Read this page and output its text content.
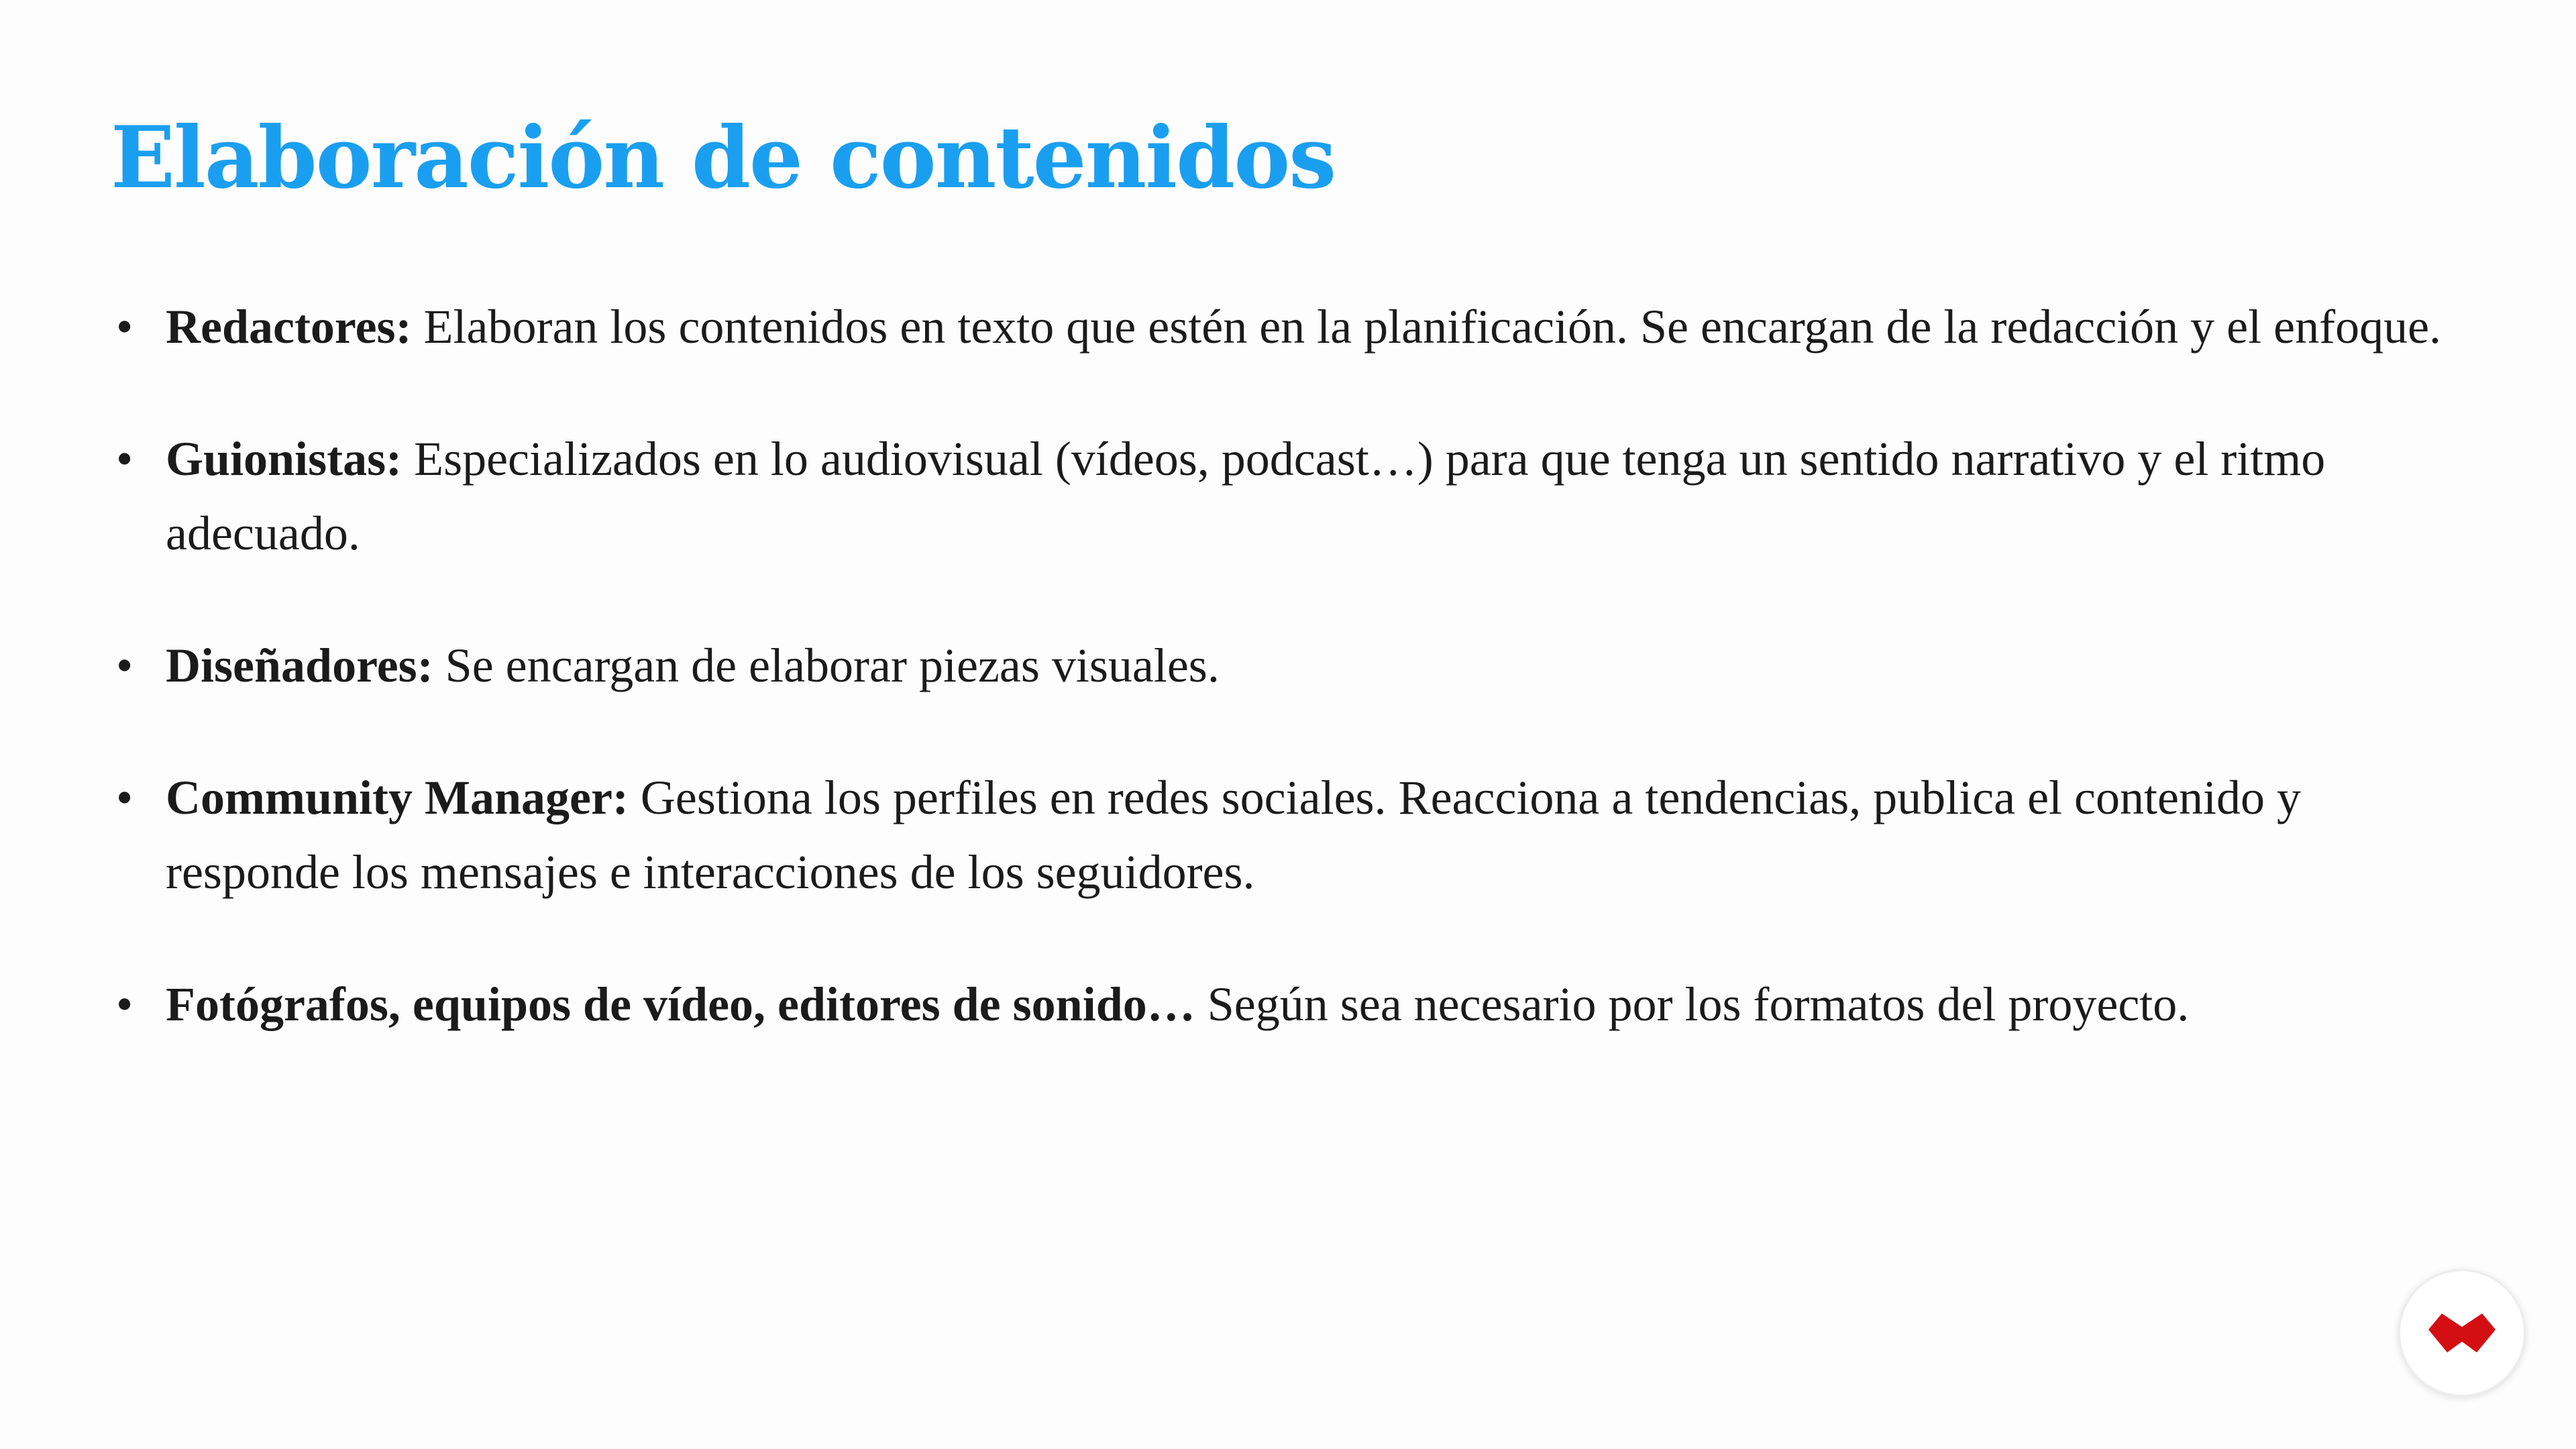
Elaboración de contenidos
• Redactores: Elaboran los contenidos en texto que estén en la planificación. Se encargan de la redacción y el enfoque.
• Guionistas: Especializados en lo audiovisual (vídeos, podcast…) para que tenga un sentido narrativo y el ritmo adecuado.
• Diseñadores: Se encargan de elaborar piezas visuales.
• Community Manager: Gestiona los perfiles en redes sociales. Reacciona a tendencias, publica el contenido y responde los mensajes e interacciones de los seguidores.
• Fotógrafos, equipos de vídeo, editores de sonido… Según sea necesario por los formatos del proyecto.
